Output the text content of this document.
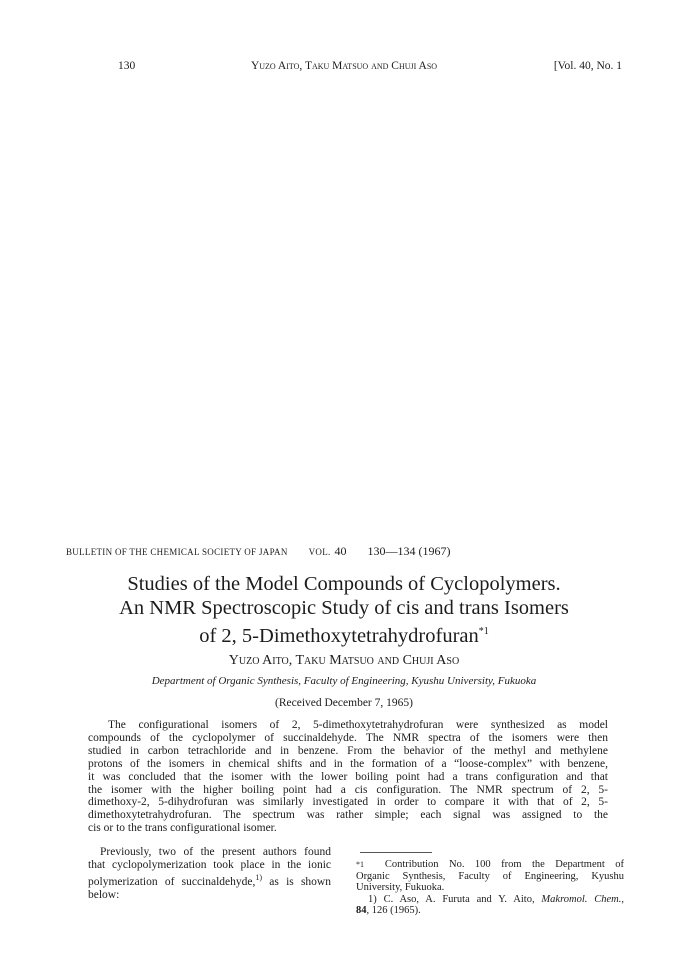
130	Yuzo Aito, Taku Matsuo and Chuji Aso	[Vol. 40, No. 1
BULLETIN OF THE CHEMICAL SOCIETY OF JAPAN VOL. 40 130—134 (1967)
Studies of the Model Compounds of Cyclopolymers.
An NMR Spectroscopic Study of cis and trans Isomers
of 2, 5-Dimethoxytetrahydrofuran$^{*1}$
Yuzo Aito, Taku Matsuo and Chuji Aso
Department of Organic Synthesis, Faculty of Engineering, Kyushu University, Fukuoka
(Received December 7, 1965)
The configurational isomers of 2, 5-dimethoxytetrahydrofuran were synthesized as model
compounds of the cyclopolymer of succinaldehyde. The NMR spectra of the isomers were then
studied in carbon tetrachloride and in benzene. From the behavior of the methyl and methylene
protons of the isomers in chemical shifts and in the formation of a “loose-complex” with benzene,
it was concluded that the isomer with the lower boiling point had a trans configuration and that
the isomer with the higher boiling point had a cis configuration. The NMR spectrum of 2, 5-
dimethoxy-2, 5-dihydrofuran was similarly investigated in order to compare it with that of 2, 5-
dimethoxytetrahydrofuran. The spectrum was rather simple; each signal was assigned to the
cis or to the trans configurational isomer.
Previously, two of the present authors found
that cyclopolymerization took place in the ionic
polymerization of succinaldehyde,$^{1)}$ as is shown
below:
*1 Contribution No. 100 from the Department of
Organic Synthesis, Faculty of Engineering, Kyushu
University, Fukuoka.
1) C. Aso, A. Furuta and Y. Aito, Makromol. Chem.,
84, 126 (1965).
